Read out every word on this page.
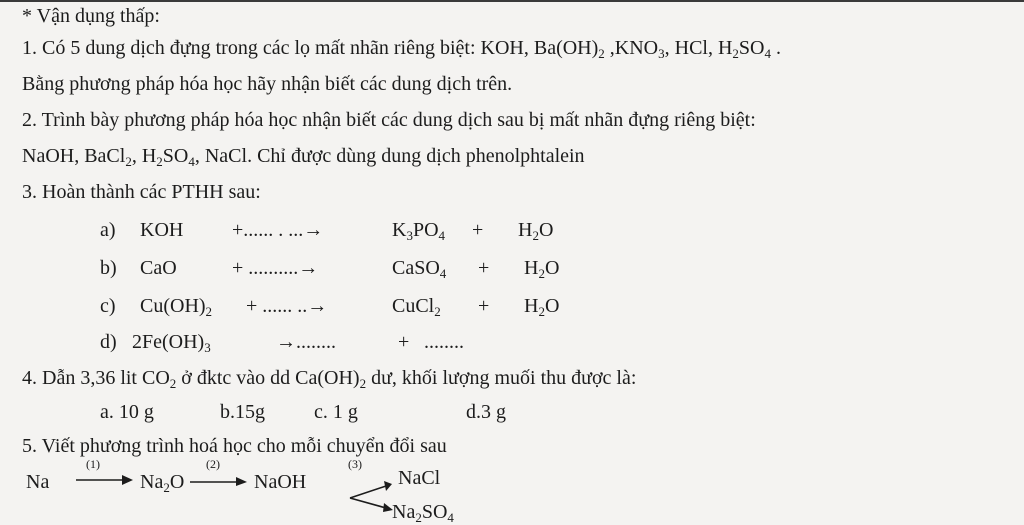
* Vận dụng thấp:
1. Có 5 dung dịch đựng trong các lọ mất nhãn riêng biệt: KOH, $Ba(OH)_2$ $,KNO_3$, HCl, $H_2SO_4$ .
Bằng phương pháp hóa học hãy nhận biết các dung dịch trên.
2. Trình bày phương pháp hóa học nhận biết các dung dịch sau bị mất nhãn đựng riêng biệt:
NaOH, BaCl$_2$, $H_2SO_4$, NaCl. Chỉ được dùng dung dịch phenolphtalein
3. Hoàn thành các PTHH sau:
a) KOH +...... . ...→	$K_3PO_4 + H_2O$
b) CaO	+ ..........→	CaSO$_4$ + $H_2O$
c) $Cu(OH)_2$ + ...... ..→	CuCl$_2$ + $H_2O$
d) $2Fe(OH)_3$	→........	+ ........
4. Dẫn 3,36 lit $CO_2$ ở đktc vào dd $Ca(OH)_2$ dư, khối lượng muối thu được là:
a. 10 g	b.15g c. 1 g	d.3 g
5. Viết phương trình hoá học cho mỗi chuyển đổi sau
Na
(1)
$Na_2O$
(2)
NaOH
(3)
NaCl
$Na_2SO_4$
